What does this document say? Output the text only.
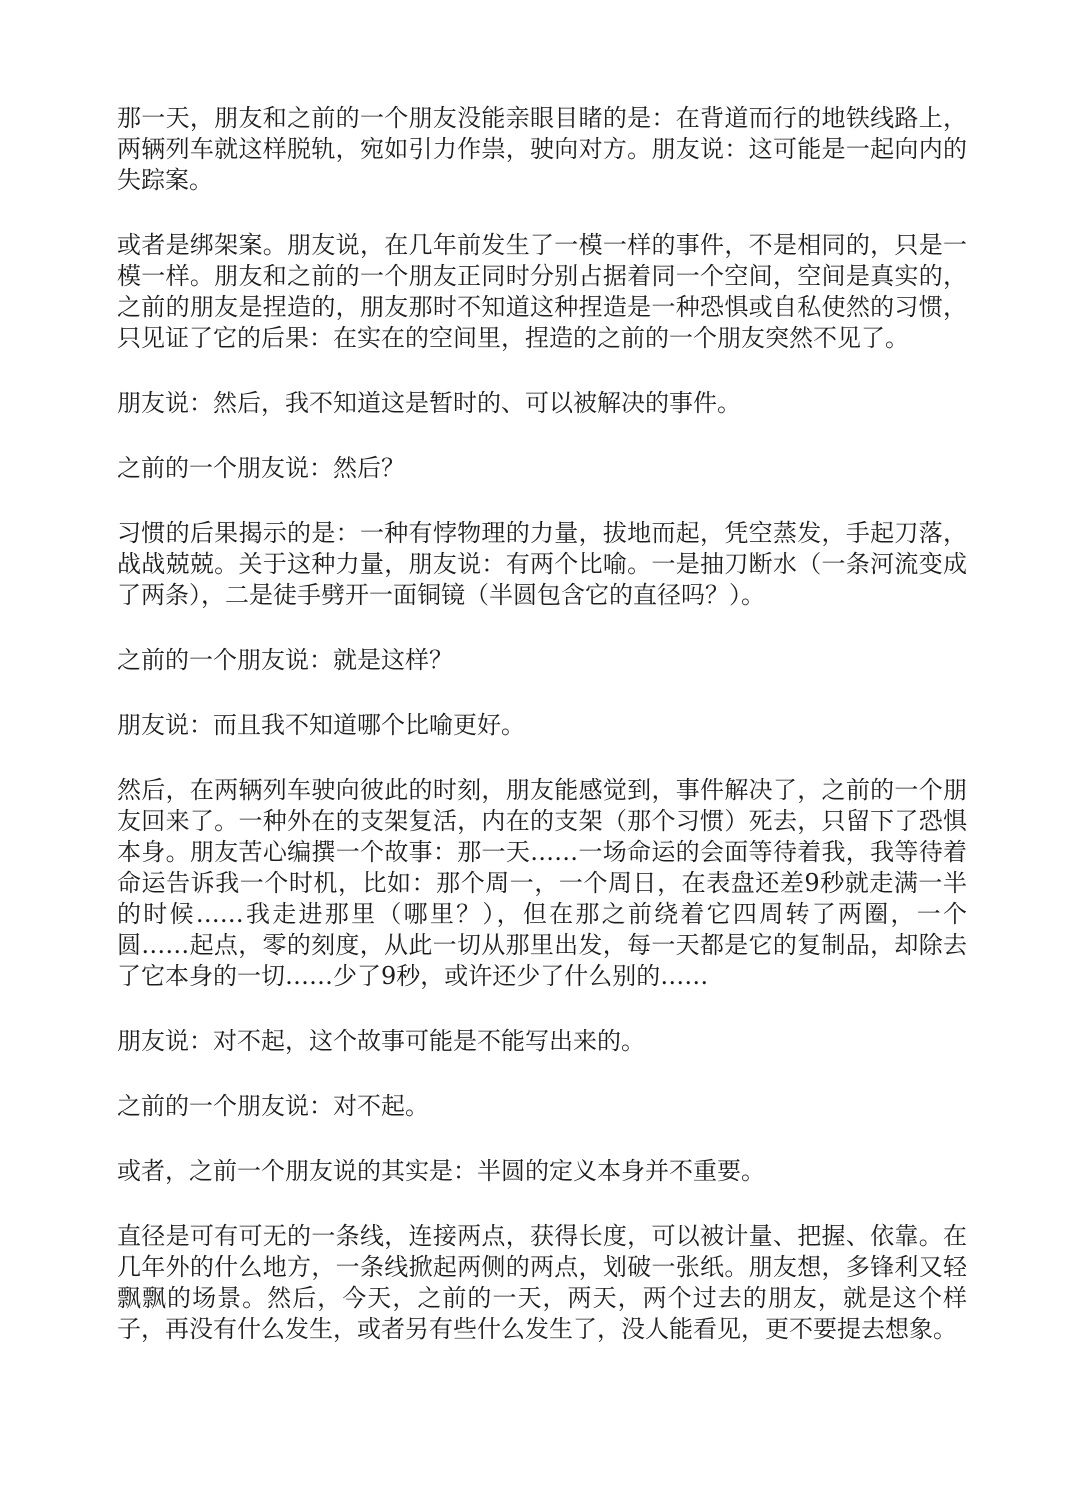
那一天，朋友和之前的一个朋友没能亲眼目睹的是：在背道而行的地铁线路上，两辆列车就这样脱轨，宛如引力作祟，驶向对方。朋友说：这可能是一起向内的失踪案。

或者是绑架案。朋友说，在几年前发生了一模一样的事件，不是相同的，只是一模一样。朋友和之前的一个朋友正同时分别占据着同一个空间，空间是真实的，之前的朋友是捏造的，朋友那时不知道这种捏造是一种恐惧或自私使然的习惯，只见证了它的后果：在实在的空间里，捏造的之前的一个朋友突然不见了。

朋友说：然后，我不知道这是暂时的、可以被解决的事件。

之前的一个朋友说：然后？

习惯的后果揭示的是：一种有悖物理的力量，拔地而起，凭空蒸发，手起刀落，战战兢兢。关于这种力量，朋友说：有两个比喻。一是抽刀断水（一条河流变成了两条），二是徒手劈开一面铜镜（半圆包含它的直径吗？）。

之前的一个朋友说：就是这样？

朋友说：而且我不知道哪个比喻更好。

然后，在两辆列车驶向彼此的时刻，朋友能感觉到，事件解决了，之前的一个朋友回来了。一种外在的支架复活，内在的支架（那个习惯）死去，只留下了恐惧本身。朋友苦心编撰一个故事：那一天……一场命运的会面等待着我，我等待着命运告诉我一个时机，比如：那个周一，一个周日，在表盘还差9秒就走满一半的时候……我走进那里（哪里？），但在那之前绕着它四周转了两圈，一个圆……起点，零的刻度，从此一切从那里出发，每一天都是它的复制品，却除去了它本身的一切……少了9秒，或许还少了什么别的……

朋友说：对不起，这个故事可能是不能写出来的。

之前的一个朋友说：对不起。

或者，之前一个朋友说的其实是：半圆的定义本身并不重要。

直径是可有可无的一条线，连接两点，获得长度，可以被计量、把握、依靠。在几年外的什么地方，一条线掀起两侧的两点，划破一张纸。朋友想，多锋利又轻飘飘的场景。然后，今天，之前的一天，两天，两个过去的朋友，就是这个样子，再没有什么发生，或者另有些什么发生了，没人能看见，更不要提去想象。
